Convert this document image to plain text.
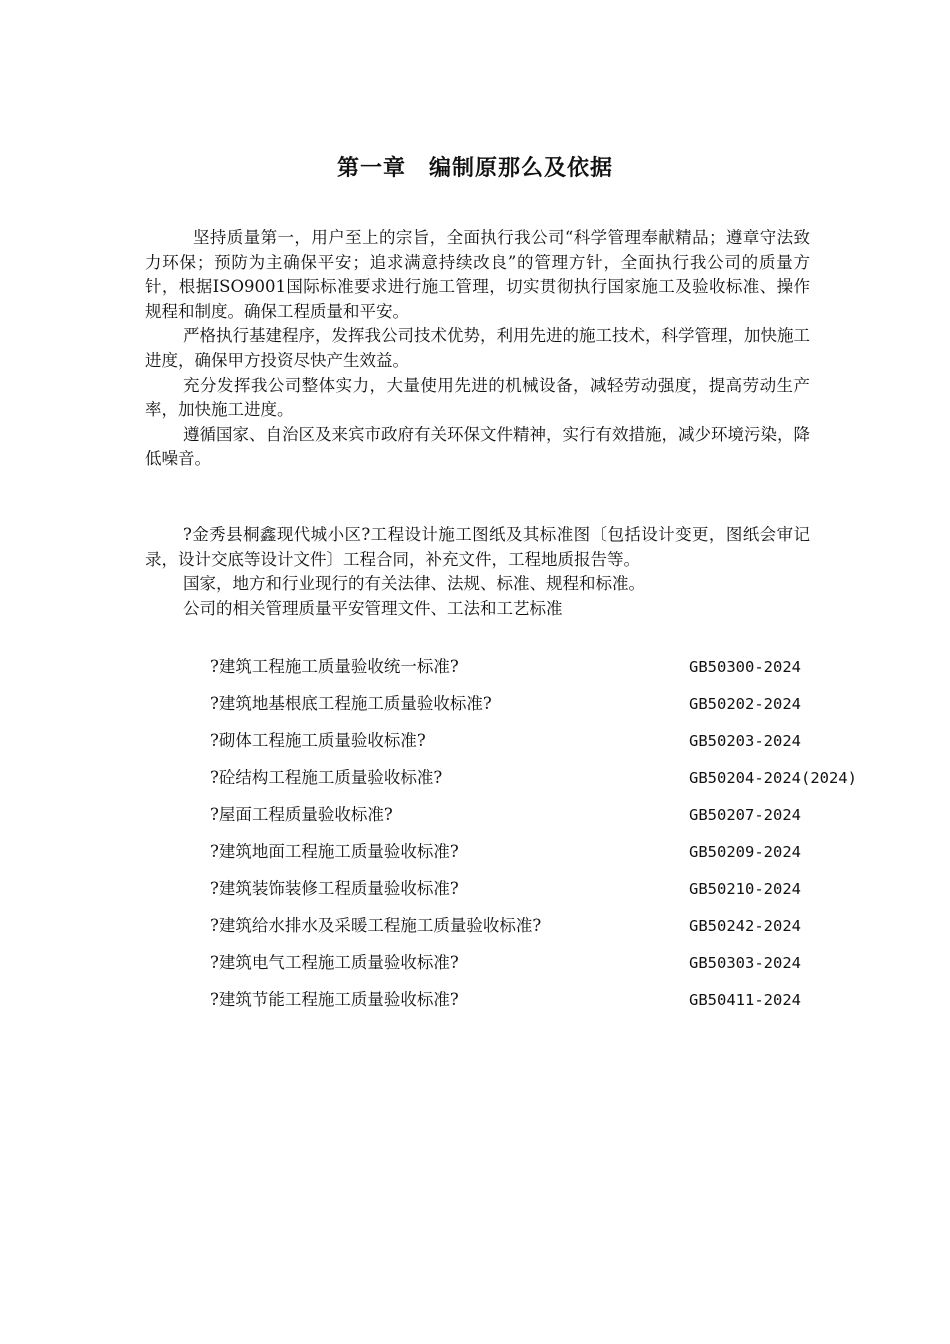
第一章　编制原那么及依据

坚持质量第一，用户至上的宗旨，全面执行我公司“科学管理奉献精品；遵章守法致力环保；预防为主确保平安；追求满意持续改良”的管理方针，全面执行我公司的质量方针，根据ISO9001国际标准要求进行施工管理，切实贯彻执行国家施工及验收标准、操作规程和制度。确保工程质量和平安。

严格执行基建程序，发挥我公司技术优势，利用先进的施工技术，科学管理，加快施工进度，确保甲方投资尽快产生效益。

充分发挥我公司整体实力，大量使用先进的机械设备，减轻劳动强度，提高劳动生产率，加快施工进度。

遵循国家、自治区及来宾市政府有关环保文件精神，实行有效措施，减少环境污染，降低噪音。

?金秀县桐鑫现代城小区?工程设计施工图纸及其标准图〔包括设计变更，图纸会审记录，设计交底等设计文件〕工程合同，补充文件，工程地质报告等。

国家，地方和行业现行的有关法律、法规、标准、规程和标准。

公司的相关管理质量平安管理文件、工法和工艺标准

?建筑工程施工质量验收统一标准?	GB50300-2024
?建筑地基根底工程施工质量验收标准?	GB50202-2024
?砌体工程施工质量验收标准?	GB50203-2024
?砼结构工程施工质量验收标准?	GB50204-2024(2024)
?屋面工程质量验收标准?	GB50207-2024
?建筑地面工程施工质量验收标准?	GB50209-2024
?建筑装饰装修工程质量验收标准?	GB50210-2024
?建筑给水排水及采暖工程施工质量验收标准?	GB50242-2024
?建筑电气工程施工质量验收标准?	GB50303-2024
?建筑节能工程施工质量验收标准?	GB50411-2024
